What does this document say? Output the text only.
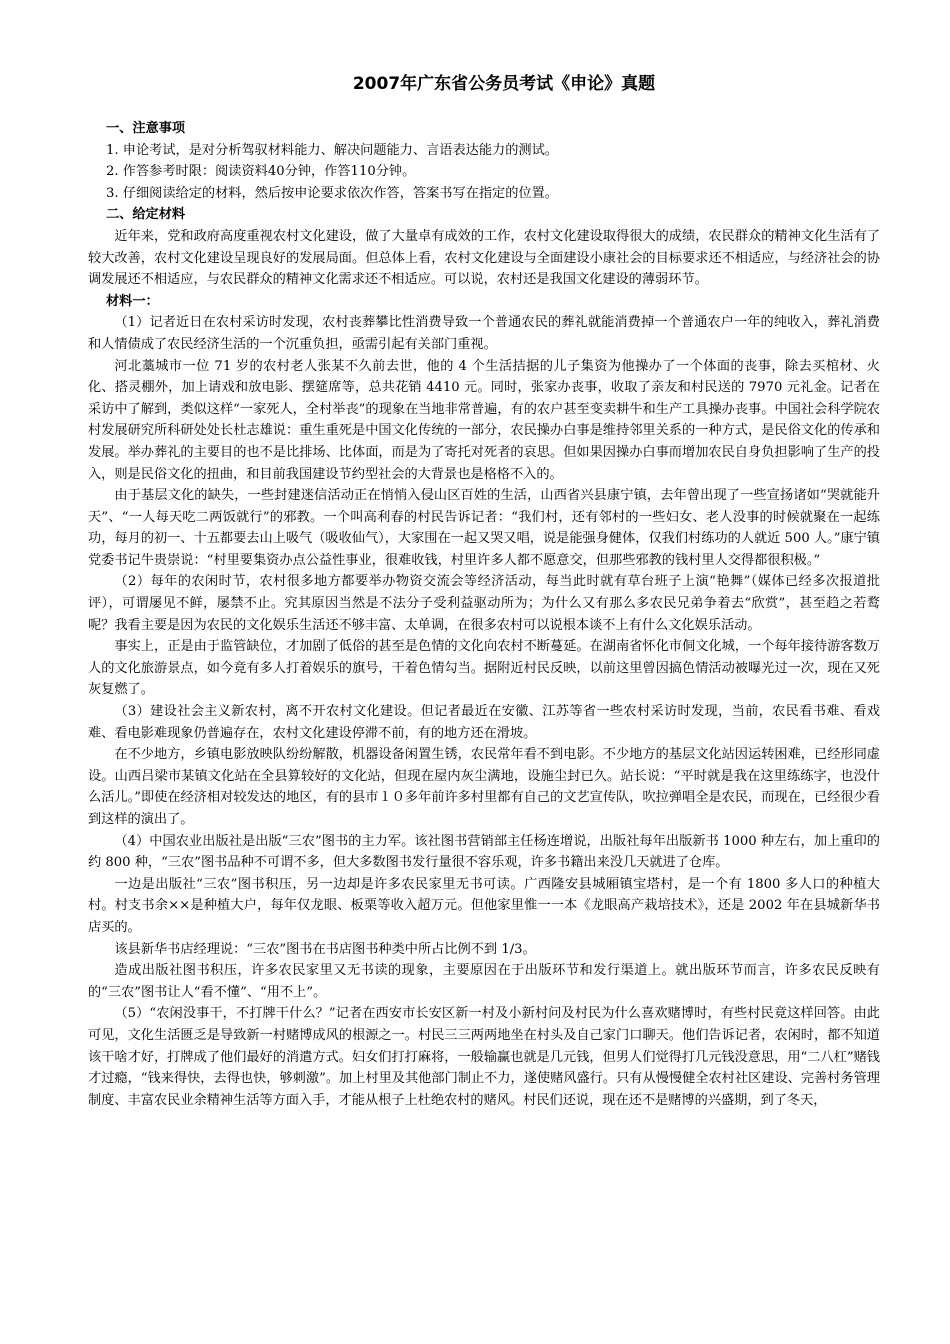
2007年广东省公务员考试《申论》真题
一、注意事项
1. 申论考试，是对分析驾驭材料能力、解决问题能力、言语表达能力的测试。
2. 作答参考时限：阅读资料40分钟，作答110分钟。
3. 仔细阅读给定的材料，然后按申论要求依次作答，答案书写在指定的位置。
二、给定材料
近年来，党和政府高度重视农村文化建设，做了大量卓有成效的工作，农村文化建设取得很大的成绩，农民群众的精神文化生活有了较大改善，农村文化建设呈现良好的发展局面。但总体上看，农村文化建设与全面建设小康社会的目标要求还不相适应，与经济社会的协调发展还不相适应，与农民群众的精神文化需求还不相适应。可以说，农村还是我国文化建设的薄弱环节。
材料一：
（1）记者近日在农村采访时发现，农村丧葬攀比性消费导致一个普通农民的葬礼就能消费掉一个普通农户一年的纯收入，葬礼消费和人情债成了农民经济生活的一个沉重负担，亟需引起有关部门重视。
河北藁城市一位 71 岁的农村老人张某不久前去世，他的 4 个生活拮据的儿子集资为他操办了一个体面的丧事，除去买棺材、火化、搭灵棚外，加上请戏和放电影、摆筵席等，总共花销 4410 元。同时，张家办丧事，收取了亲友和村民送的 7970 元礼金。记者在采访中了解到，类似这样“一家死人，全村举丧”的现象在当地非常普遍，有的农户甚至变卖耕牛和生产工具操办丧事。中国社会科学院农村发展研究所科研处处长杜志雄说：重生重死是中国文化传统的一部分，农民操办白事是维持邻里关系的一种方式，是民俗文化的传承和发展。举办葬礼的主要目的也不是比排场、比体面，而是为了寄托对死者的哀思。但如果因操办白事而增加农民自身负担影响了生产的投入，则是民俗文化的扭曲，和目前我国建设节约型社会的大背景也是格格不入的。
由于基层文化的缺失，一些封建迷信活动正在悄悄入侵山区百姓的生活，山西省兴县康宁镇，去年曾出现了一些宣扬诸如“哭就能升天”、“一人每天吃二两饭就行”的邪教。一个叫高利春的村民告诉记者：“我们村，还有邻村的一些妇女、老人没事的时候就聚在一起练功，每月的初一、十五都要去山上吸气（吸收仙气），大家围在一起又哭又唱，说是能强身健体，仅我们村练功的人就近 500 人。”康宁镇党委书记牛贵崇说：“村里要集资办点公益性事业，很难收钱，村里许多人都不愿意交，但那些邪教的钱村里人交得都很积极。”
（2）每年的农闲时节，农村很多地方都要举办物资交流会等经济活动，每当此时就有草台班子上演“艳舞”（媒体已经多次报道批评），可谓屡见不鲜，屡禁不止。究其原因当然是不法分子受利益驱动所为；为什么又有那么多农民兄弟争着去“欣赏”，甚至趋之若鹜呢？我看主要是因为农民的文化娱乐生活还不够丰富、太单调，在很多农村可以说根本谈不上有什么文化娱乐活动。
事实上，正是由于监管缺位，才加剧了低俗的甚至是色情的文化向农村不断蔓延。在湖南省怀化市侗文化城，一个每年接待游客数万人的文化旅游景点，如今竟有多人打着娱乐的旗号，干着色情勾当。据附近村民反映，以前这里曾因搞色情活动被曝光过一次，现在又死灰复燃了。
（3）建设社会主义新农村，离不开农村文化建设。但记者最近在安徽、江苏等省一些农村采访时发现，当前，农民看书难、看戏难、看电影难现象仍普遍存在，农村文化建设停滞不前，有的地方还在滑坡。
在不少地方，乡镇电影放映队纷纷解散，机器设备闲置生锈，农民常年看不到电影。不少地方的基层文化站因运转困难，已经形同虚设。山西吕梁市某镇文化站在全县算较好的文化站，但现在屋内灰尘满地，设施尘封已久。站长说：“平时就是我在这里练练字，也没什么活儿。”即使在经济相对较发达的地区，有的县市１０多年前许多村里都有自己的文艺宣传队，吹拉弹唱全是农民，而现在，已经很少看到这样的演出了。
（4）中国农业出版社是出版“三农”图书的主力军。该社图书营销部主任杨连增说，出版社每年出版新书 1000 种左右，加上重印的约 800 种，“三农”图书品种不可谓不多，但大多数图书发行量很不容乐观，许多书籍出来没几天就进了仓库。
一边是出版社“三农”图书积压，另一边却是许多农民家里无书可读。广西隆安县城厢镇宝塔村，是一个有 1800 多人口的种植大村。村支书余××是种植大户，每年仅龙眼、板栗等收入超万元。但他家里惟一一本《龙眼高产栽培技术》，还是 2002 年在县城新华书店买的。
该县新华书店经理说：“三农”图书在书店图书种类中所占比例不到 1/3。
造成出版社图书积压，许多农民家里又无书读的现象，主要原因在于出版环节和发行渠道上。就出版环节而言，许多农民反映有的“三农”图书让人“看不懂”、“用不上”。
（5）“农闲没事干，不打牌干什么？”记者在西安市长安区新一村及小新村问及村民为什么喜欢赌博时，有些村民竟这样回答。由此可见，文化生活匮乏是导致新一村赌博成风的根源之一。村民三三两两地坐在村头及自己家门口聊天。他们告诉记者，农闲时，都不知道该干啥才好，打牌成了他们最好的消遣方式。妇女们打打麻将，一般输赢也就是几元钱，但男人们觉得打几元钱没意思，用“二八杠”赌钱才过瘾，“钱来得快，去得也快，够刺激”。加上村里及其他部门制止不力，遂使赌风盛行。只有从慢慢健全农村社区建设、完善村务管理制度、丰富农民业余精神生活等方面入手，才能从根子上杜绝农村的赌风。村民们还说，现在还不是赌博的兴盛期，到了冬天，
